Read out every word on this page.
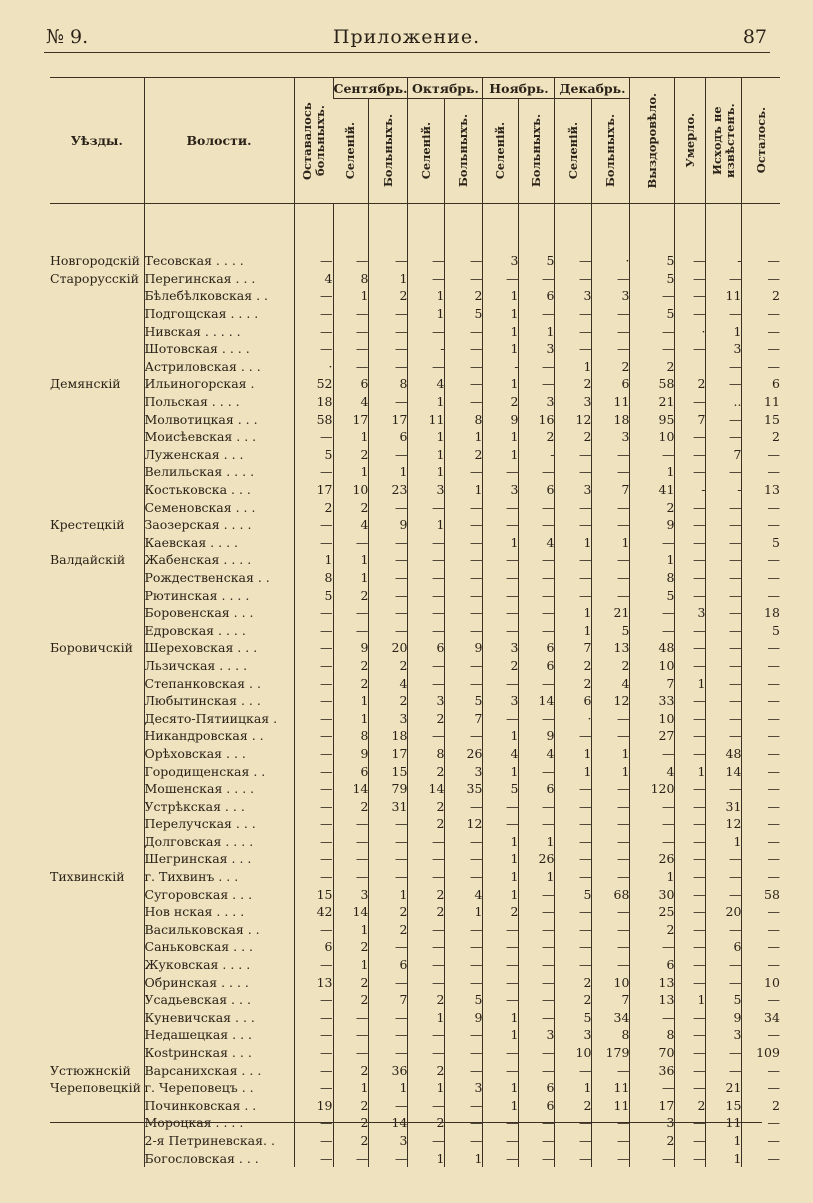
№ 9.	Приложение.	87
Уѣзды.	Волости.	Оставалось больныхъ.	Сентябрь.		Октябрь.		Ноябрь.		Декабрь.		Выздоровѣло.	Умерло.	Исходъ не извѣстенъ.	Осталось.

			Селеній.	Больныхъ.	Селеній.	Больныхъ.	Селеній.	Больныхъ.	Селеній.	Больныхъ.				

Новгородскій	Тесовская . . . .	—	—	—	—	—	3	5	—	·	5	—	-	—
Старорусскій	Перегинская . . .	4	8	1	—	—	—	—	—	—	5	—	—	—
	Бѣлебѣлковская . .	—	1	2	1	2	1	6	3	3	—	—	11	2
	Подгощская . . . .	—	—	—	1	5	1	—	—	—	5	—	—	—
	Нивская . . . . .	—	—	—	—	—	1	1	—	—	—	·	1	—
	Шотовская . . . .	—	—	—	-	—	1	3	—	—	—	—	3	—
	Астриловская . . .	·	—	—	—	—	-	—	1	2	2		—	—
Демянскій	Ильиногорская .	52	6	8	4	—	1	—	2	6	58	2	—	6
	Польская . . . .	18	4	—	1	—	2	3	3	11	21	—	..	11
	Молвотицкая . . .	58	17	17	11	8	9	16	12	18	95	7	—	15
	Моисѣевская . . .	—	1	6	1	1	1	2	2	3	10	—	—	2
	Луженская . . .	5	2	—	1	2	1	-	—	—	—	—	7	—
	Велильская . . . .	—	1	1	1	—	—	—	—	—	1	—	—	—
	Костьковска . . .	17	10	23	3	1	3	6	3	7	41	-	-	13
	Семеновская . . .	2	2	—	—	—	—	—	—	—	2	—	—	—
Крестецкій	Заозерская . . . .	—	4	9	1	—	—	—	—	—	9	—	—	—
	Каевская . . . .	—	—	—	—	—	1	4	1	1	—	—	—	5
Валдайскій	Жабенская . . . .	1	1	—	—	—	—	—	—	—	1	—	—	—
	Рождественская . .	8	1	—	—	—	—	—	—	—	8	—	—	—
	Рютинская . . . .	5	2	—	—	—	—	—	—	—	5	—	—	—
	Боровенская . . .	—	—	—	—	—	—	—	1	21	—	3	—	18
	Едровская . . . .	—	—	—	—	—	—	—	1	5	—	—	—	5
Боровичскій	Шереховская . . .	—	9	20	6	9	3	6	7	13	48	—	—	—
	Льзичская . . . .	—	2	2	—	—	2	6	2	2	10	—	—	—
	Степанковская . .	—	2	4	—	—	—	—	2	4	7	1	—	—
	Любытинская . . .	—	1	2	3	5	3	14	6	12	33	—	—	—
	Десято-Пятиицкая .	—	1	3	2	7	—	—	·	—	10	—	—	—
	Никандровская . .	—	8	18	—	—	1	9	—	—	27	—	—	—
	Орѣховская . . .	—	9	17	8	26	4	4	1	1	—	—	48	—
	Городищенская . .	—	6	15	2	3	1	—	1	1	4	1	14	—
	Мошенская . . . .	—	14	79	14	35	5	6	—	—	120	—	—	—
	Устрѣкская . . .	—	2	31	2	—	—	—	—	—	—	—	31	—
	Перелучская . . .	—	—	—	2	12	—	—	—	—	—	—	12	—
	Долговская . . . .	—	—	—	—	—	1	1	—	—	—	—	1	—
	Шегринская . . .	—	—	—	—	—	1	26	—	—	26	—	—	—
Тихвинскій	г. Тихвинъ . . .	—	—	—	—	—	1	1	—	—	1	—	—	—
	Сугоровская . . .	15	3	1	2	4	1	—	5	68	30	—	—	58
	Нов нская . . . .	42	14	2	2	1	2	—	—	—	25	—	20	—
	Васильковская . .	—	1	2	—	—	—	—	—	—	2	—	—	—
	Саньковская . . .	6	2	—	—	—	—	—	—	—	—	—	6	—
	Жуковская . . . .	—	1	6	—	—	—	—	—	—	6	—	—	—
	Обринская . . . .	13	2	—	—	—	—	—	2	10	13	—	—	10
	Усадьевская . . .	—	2	7	2	5	—	—	2	7	13	1	5	—
	Куневичская . . .	—	—	—	1	9	1	—	5	34	—	—	9	34
	Недашецкая . . .	—	—	—	—	—	1	3	3	8	8	—	3	—
	Кostринская . . .	—	—	—	—	—	—	—	10	179	70	—	—	109
Устюжнскій	Варсанихская . . .	—	2	36	2	—	—	—	—	—	36	—	—	—
Череповецкій	г. Череповецъ . .	—	1	1	1	3	1	6	1	11	—	—	21	—
	Починковская . .	19	2	—	—	—	1	6	2	11	17	2	15	2
	Мороцкая . . . .	—	2	14	2	—	—	—	—	—	3	—	11	—
	2-я Петриневская. .	—	2	3	—	—	—	—	—	—	2	—	1	—
	Богословская . . .	—	—	—	1	1	—	—	—	—	—	—	1	—
